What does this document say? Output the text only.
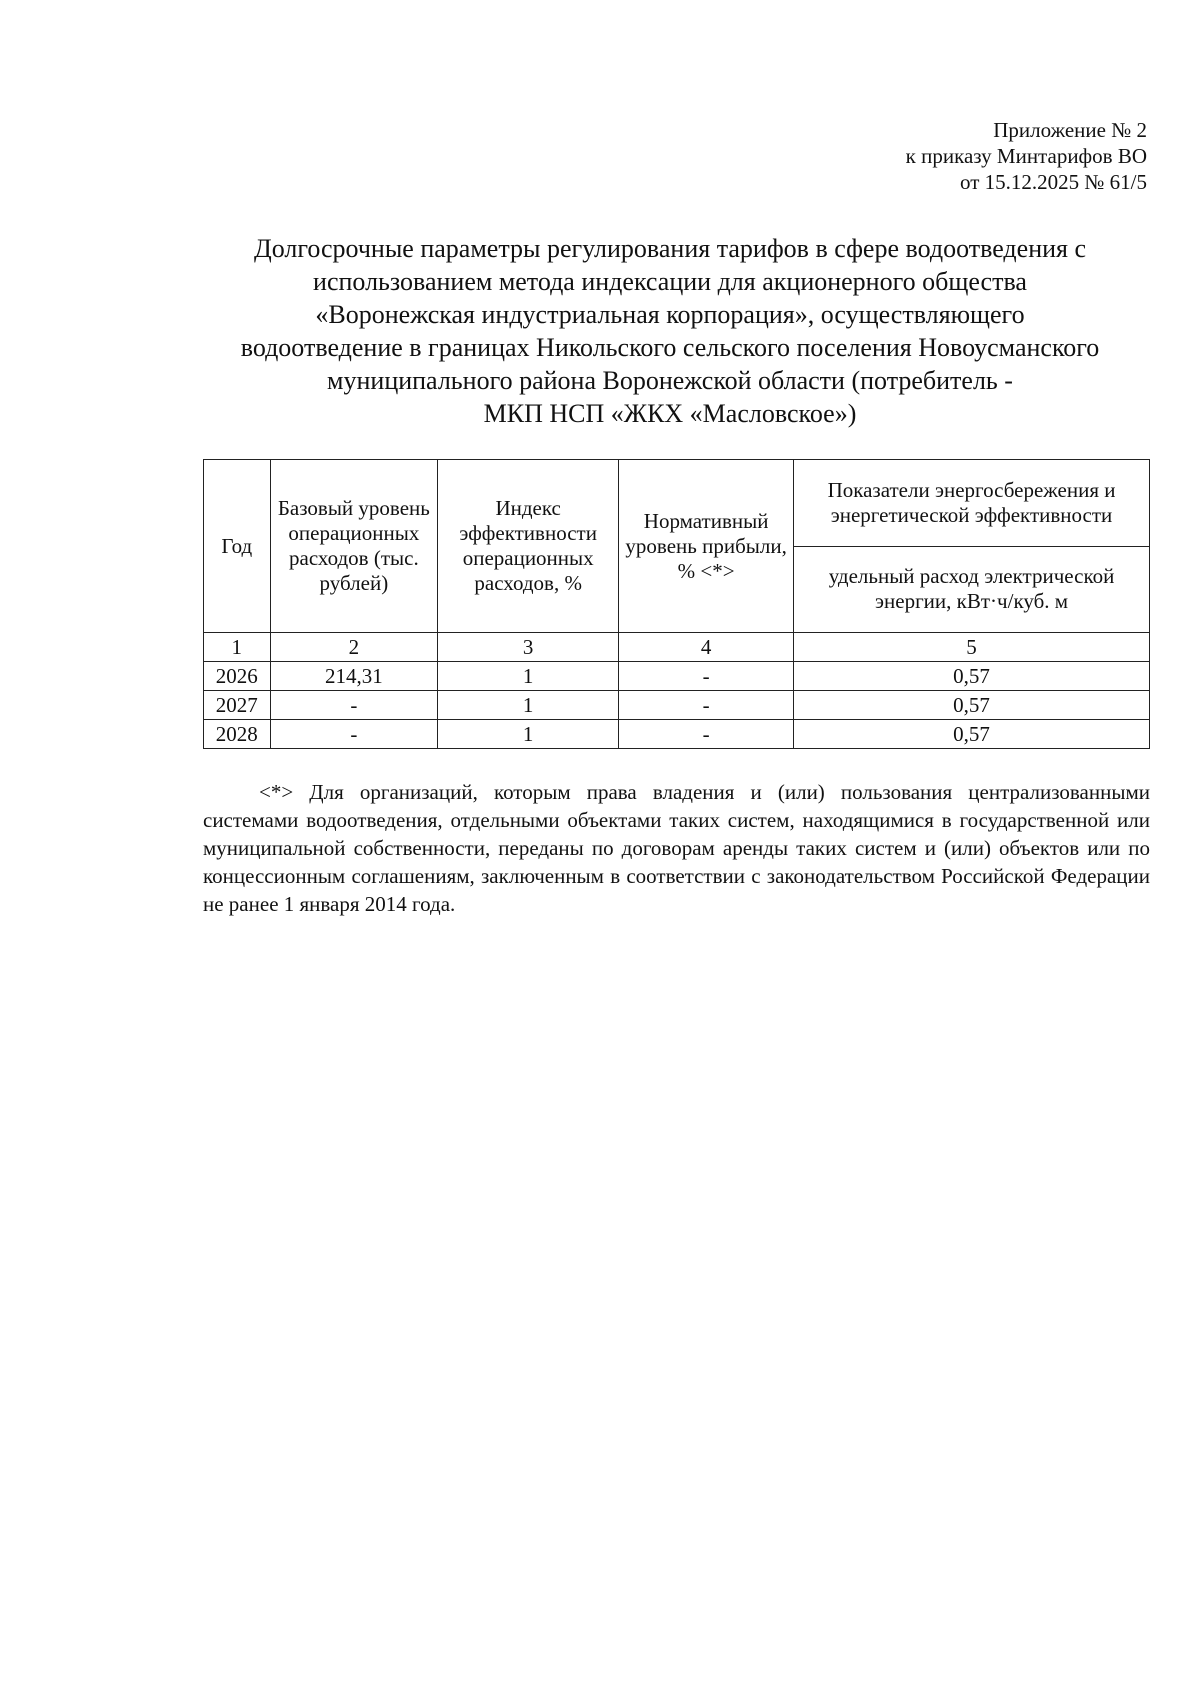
Приложение № 2
к приказу Минтарифов ВО
от 15.12.2025 № 61/5
Долгосрочные параметры регулирования тарифов в сфере водоотведения с
использованием метода индексации для акционерного общества
«Воронежская индустриальная корпорация», осуществляющего
водоотведение в границах Никольского сельского поселения Новоусманского
муниципального района Воронежской области (потребитель -
МКП НСП «ЖКХ «Масловское»)
Год	Базовый уровень операционных расходов (тыс. рублей)	Индекс эффективности операционных расходов, %	Нормативный уровень прибыли, % <*>	Показатели энергосбережения и энергетической эффективности
				удельный расход электрической энергии, кВт·ч/куб. м
1	2	3	4	5
2026	214,31	1	-	0,57
2027	-	1	-	0,57
2028	-	1	-	0,57
<*> Для организаций, которым права владения и (или) пользования централизованными системами водоотведения, отдельными объектами таких систем, находящимися в государственной или муниципальной собственности, переданы по договорам аренды таких систем и (или) объектов или по концессионным соглашениям, заключенным в соответствии с законодательством Российской Федерации не ранее 1 января 2014 года.
